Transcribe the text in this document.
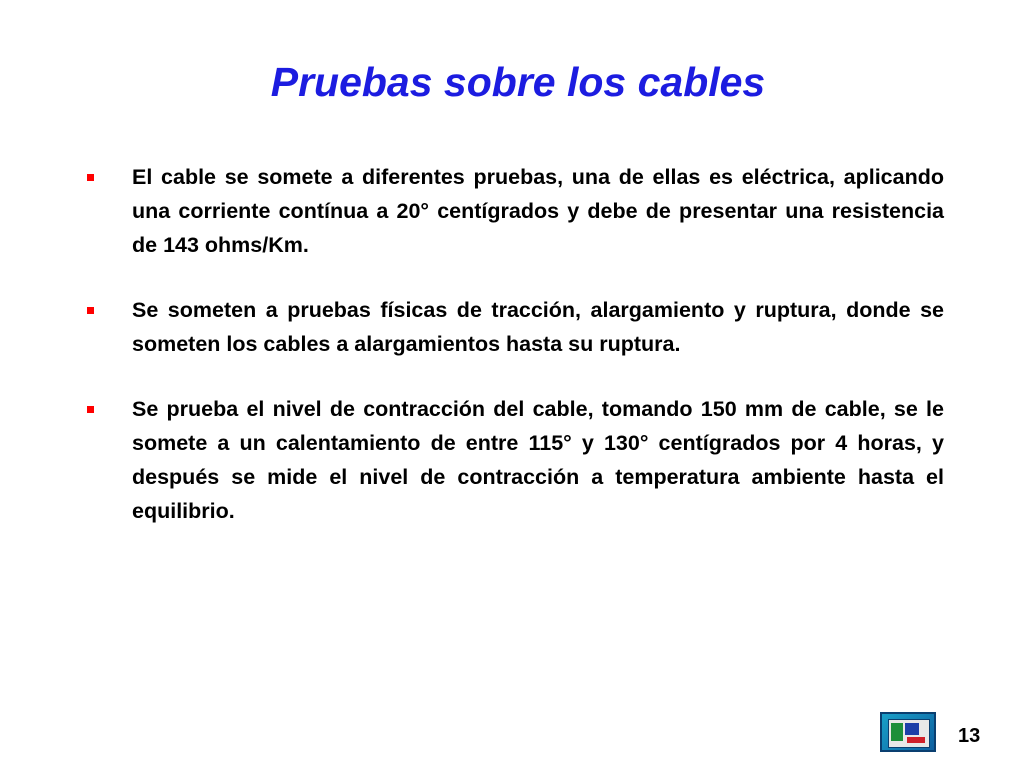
Pruebas sobre los cables
El cable se somete a diferentes pruebas, una de ellas es eléctrica, aplicando una corriente contínua a 20° centígrados y debe de presentar una resistencia de 143 ohms/Km.
Se someten a pruebas físicas de tracción, alargamiento y ruptura, donde se someten los cables a alargamientos hasta su ruptura.
Se prueba el nivel de contracción del cable, tomando 150 mm de cable, se le somete a un calentamiento de entre 115° y 130° centígrados por 4 horas, y después se mide el nivel de contracción a temperatura ambiente hasta el equilibrio.
13
